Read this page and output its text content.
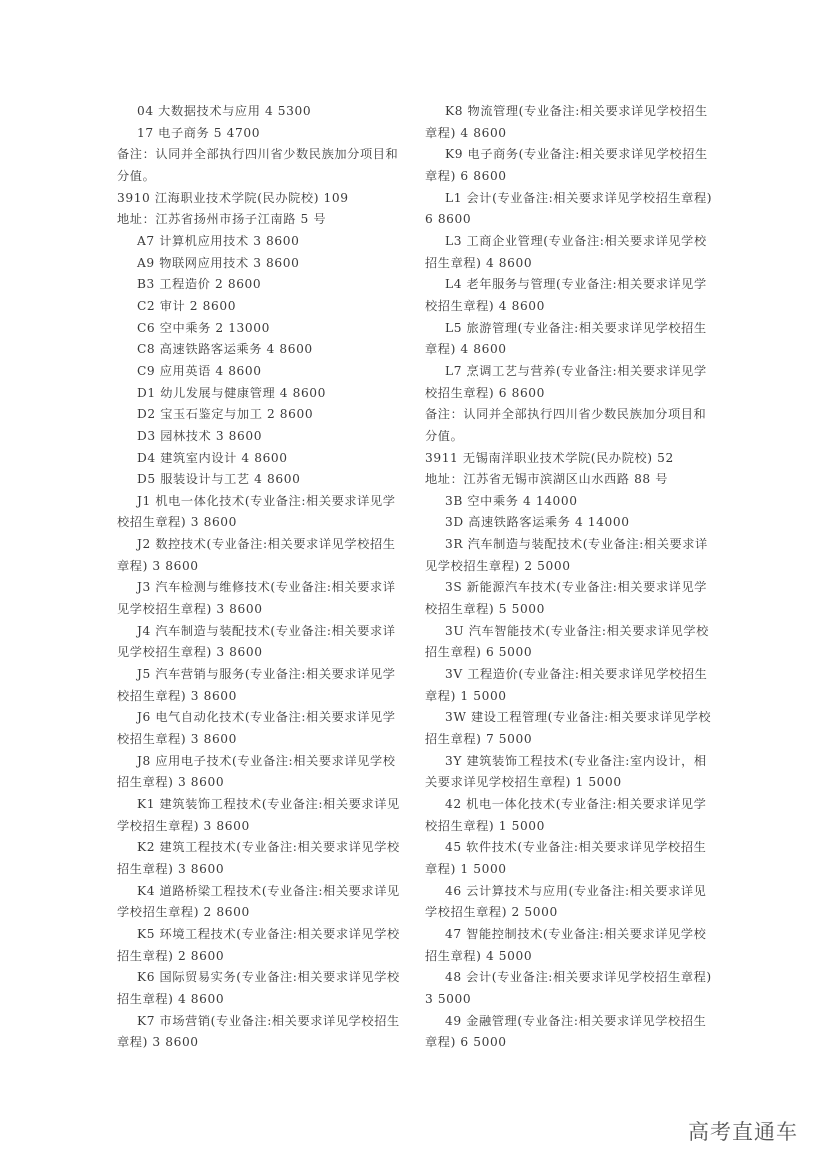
04 大数据技术与应用 4 5300
17 电子商务 5 4700
备注：认同并全部执行四川省少数民族加分项目和
分值。
3910 江海职业技术学院(民办院校) 109
地址：江苏省扬州市扬子江南路 5 号
A7 计算机应用技术 3 8600
A9 物联网应用技术 3 8600
B3 工程造价 2 8600
C2 审计 2 8600
C6 空中乘务 2 13000
C8 高速铁路客运乘务 4 8600
C9 应用英语 4 8600
D1 幼儿发展与健康管理 4 8600
D2 宝玉石鉴定与加工 2 8600
D3 园林技术 3 8600
D4 建筑室内设计 4 8600
D5 服装设计与工艺 4 8600
J1 机电一体化技术(专业备注:相关要求详见学
校招生章程) 3 8600
J2 数控技术(专业备注:相关要求详见学校招生
章程) 3 8600
J3 汽车检测与维修技术(专业备注:相关要求详
见学校招生章程) 3 8600
J4 汽车制造与装配技术(专业备注:相关要求详
见学校招生章程) 3 8600
J5 汽车营销与服务(专业备注:相关要求详见学
校招生章程) 3 8600
J6 电气自动化技术(专业备注:相关要求详见学
校招生章程) 3 8600
J8 应用电子技术(专业备注:相关要求详见学校
招生章程) 3 8600
K1 建筑装饰工程技术(专业备注:相关要求详见
学校招生章程) 3 8600
K2 建筑工程技术(专业备注:相关要求详见学校
招生章程) 3 8600
K4 道路桥梁工程技术(专业备注:相关要求详见
学校招生章程) 2 8600
K5 环境工程技术(专业备注:相关要求详见学校
招生章程) 2 8600
K6 国际贸易实务(专业备注:相关要求详见学校
招生章程) 4 8600
K7 市场营销(专业备注:相关要求详见学校招生
章程) 3 8600
K8 物流管理(专业备注:相关要求详见学校招生
章程) 4 8600
K9 电子商务(专业备注:相关要求详见学校招生
章程) 6 8600
L1 会计(专业备注:相关要求详见学校招生章程)
6 8600
L3 工商企业管理(专业备注:相关要求详见学校
招生章程) 4 8600
L4 老年服务与管理(专业备注:相关要求详见学
校招生章程) 4 8600
L5 旅游管理(专业备注:相关要求详见学校招生
章程) 4 8600
L7 烹调工艺与营养(专业备注:相关要求详见学
校招生章程) 6 8600
备注：认同并全部执行四川省少数民族加分项目和
分值。
3911 无锡南洋职业技术学院(民办院校) 52
地址：江苏省无锡市滨湖区山水西路 88 号
3B 空中乘务 4 14000
3D 高速铁路客运乘务 4 14000
3R 汽车制造与装配技术(专业备注:相关要求详
见学校招生章程) 2 5000
3S 新能源汽车技术(专业备注:相关要求详见学
校招生章程) 5 5000
3U 汽车智能技术(专业备注:相关要求详见学校
招生章程) 6 5000
3V 工程造价(专业备注:相关要求详见学校招生
章程) 1 5000
3W 建设工程管理(专业备注:相关要求详见学校
招生章程) 7 5000
3Y 建筑装饰工程技术(专业备注:室内设计，相
关要求详见学校招生章程) 1 5000
42 机电一体化技术(专业备注:相关要求详见学
校招生章程) 1 5000
45 软件技术(专业备注:相关要求详见学校招生
章程) 1 5000
46 云计算技术与应用(专业备注:相关要求详见
学校招生章程) 2 5000
47 智能控制技术(专业备注:相关要求详见学校
招生章程) 4 5000
48 会计(专业备注:相关要求详见学校招生章程)
3 5000
49 金融管理(专业备注:相关要求详见学校招生
章程) 6 5000
高考直通车
